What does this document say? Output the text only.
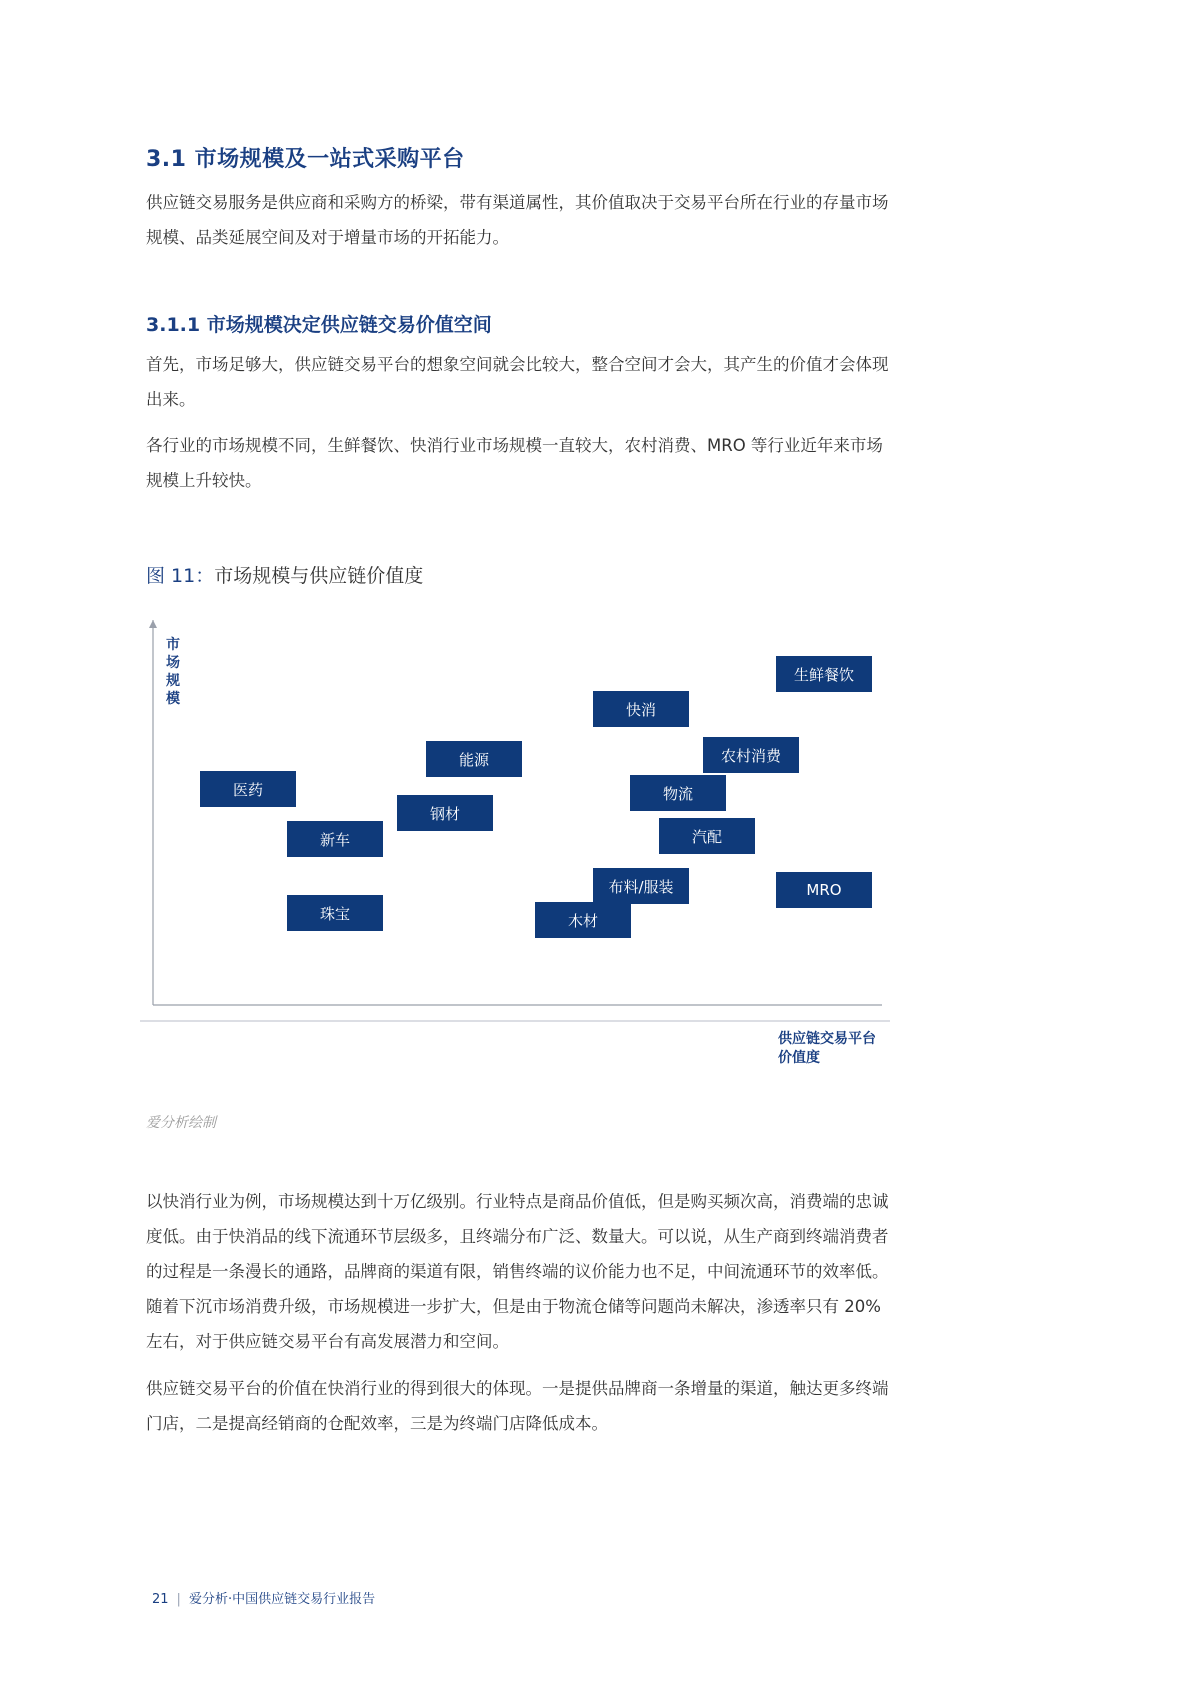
3.1 市场规模及一站式采购平台

供应链交易服务是供应商和采购方的桥梁，带有渠道属性，其价值取决于交易平台所在行业的存量市场规模、品类延展空间及对于增量市场的开拓能力。

3.1.1 市场规模决定供应链交易价值空间

首先，市场足够大，供应链交易平台的想象空间就会比较大，整合空间才会大，其产生的价值才会体现出来。

各行业的市场规模不同，生鲜餐饮、快消行业市场规模一直较大，农村消费、MRO 等行业近年来市场规模上升较快。

图 11：市场规模与供应链价值度

市场规模
供应链交易平台价值度
生鲜餐饮
快消
农村消费
能源
医药	物流
钢材
新车	汽配
布料/服装	MRO
珠宝	木材

爱分析绘制

以快消行业为例，市场规模达到十万亿级别。行业特点是商品价值低，但是购买频次高，消费端的忠诚度低。由于快消品的线下流通环节层级多，且终端分布广泛、数量大。可以说，从生产商到终端消费者的过程是一条漫长的通路，品牌商的渠道有限，销售终端的议价能力也不足，中间流通环节的效率低。随着下沉市场消费升级，市场规模进一步扩大，但是由于物流仓储等问题尚未解决，渗透率只有 20%左右，对于供应链交易平台有高发展潜力和空间。

供应链交易平台的价值在快消行业的得到很大的体现。一是提供品牌商一条增量的渠道，触达更多终端门店，二是提高经销商的仓配效率，三是为终端门店降低成本。

21 | 爱分析·中国供应链交易行业报告
